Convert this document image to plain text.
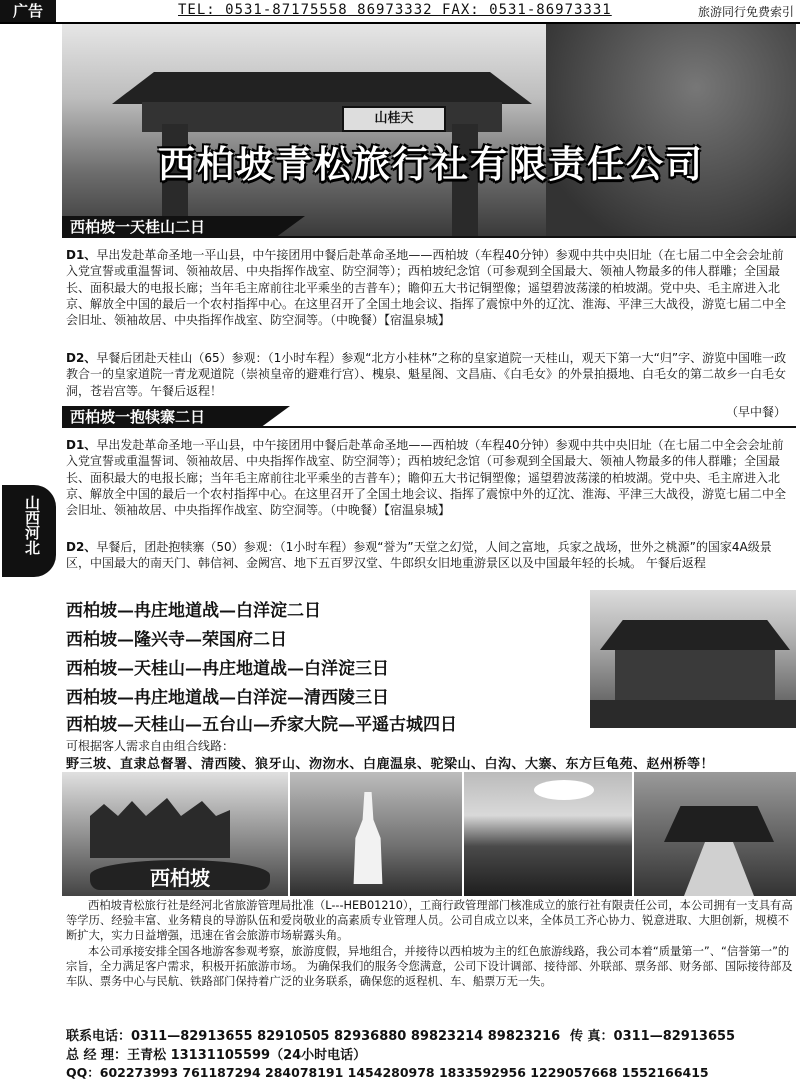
广告	TEL: 0531-87175558 86973332 FAX: 0531-86973331	旅游同行免费索引
山桂天
西柏坡青松旅行社有限责任公司
西柏坡一天桂山二日
D1、早出发赴革命圣地一平山县，中午接团用中餐后赴革命圣地——西柏坡（车程40分钟）参观中共中央旧址（在七届二中全会会址前入党宣誓或重温誓词、领袖故居、中央指挥作战室、防空洞等）；西柏坡纪念馆（可参观到全国最大、领袖人物最多的伟人群雕；全国最长、面积最大的电报长廊；当年毛主席前往北平乘坐的吉普车）；瞻仰五大书记铜塑像；遥望碧波荡漾的柏坡湖。党中央、毛主席进入北京、解放全中国的最后一个农村指挥中心。在这里召开了全国土地会议、指挥了震惊中外的辽沈、淮海、平津三大战役，游览七届二中全会旧址、领袖故居、中央指挥作战室、防空洞等。（中晚餐）【宿温泉城】
D2、早餐后团赴天桂山（65）参观：（1小时车程）参观“北方小桂林”之称的皇家道院一天桂山，观天下第一大“归”字、游览中国唯一政教合一的皇家道院一青龙观道院（崇祯皇帝的避难行宫）、槐泉、魁星阁、文昌庙、《白毛女》的外景拍摄地、白毛女的第二故乡一白毛女洞，苍岩宫等。午餐后返程！
（早中餐）
西柏坡一抱犊寨二日
D1、早出发赴革命圣地一平山县，中午接团用中餐后赴革命圣地——西柏坡（车程40分钟）参观中共中央旧址（在七届二中全会会址前入党宣誓或重温誓词、领袖故居、中央指挥作战室、防空洞等）；西柏坡纪念馆（可参观到全国最大、领袖人物最多的伟人群雕；全国最长、面积最大的电报长廊；当年毛主席前往北平乘坐的吉普车）；瞻仰五大书记铜塑像；遥望碧波荡漾的柏坡湖。党中央、毛主席进入北京、解放全中国的最后一个农村指挥中心。在这里召开了全国土地会议、指挥了震惊中外的辽沈、淮海、平津三大战役，游览七届二中全会旧址、领袖故居、中央指挥作战室、防空洞等。（中晚餐）【宿温泉城】
D2、早餐后，团赴抱犊寨（50）参观：（1小时车程）参观“誉为”天堂之幻觉，人间之富地，兵家之战场，世外之桃源”的国家4A级景区，中国最大的南天门、韩信祠、金阙宫、地下五百罗汉堂、牛郎织女旧地重游景区以及中国最年轻的长城。 午餐后返程
山西河北
西柏坡—冉庄地道战—白洋淀二日
西柏坡—隆兴寺—荣国府二日
西柏坡—天桂山—冉庄地道战—白洋淀三日
西柏坡—冉庄地道战—白洋淀—清西陵三日
西柏坡—天桂山—五台山—乔家大院—平遥古城四日
可根据客人需求自由组合线路：
野三坡、直隶总督署、清西陵、狼牙山、沕沕水、白鹿温泉、驼梁山、白沟、大寨、东方巨龟苑、赵州桥等！
西柏坡

西柏坡青松旅行社是经河北省旅游管理局批准（L---HEB01210），工商行政管理部门核准成立的旅行社有限责任公司，本公司拥有一支具有高等学历、经验丰富、业务精良的导游队伍和爱岗敬业的高素质专业管理人员。公司自成立以来，全体员工齐心协力、锐意进取、大胆创新，规模不断扩大，实力日益增强，迅速在省会旅游市场崭露头角。

本公司承接安排全国各地游客参观考察，旅游度假，异地组合，并接待以西柏坡为主的红色旅游线路，我公司本着“质量第一”、“信誉第一”的宗旨，全力满足客户需求，积极开拓旅游市场。 为确保我们的服务令您满意，公司下设计调部、接待部、外联部、票务部、财务部、国际接待部及车队、票务中心与民航、铁路部门保持着广泛的业务联系，确保您的返程机、车、船票万无一失。

联系电话：0311—82913655 82910505 82936880 89823214 89823216 传 真：0311—82913655
总 经 理：王青松 13131105599（24小时电话）
QQ：602273993 761187294 284078191 1454280978 1833592956 1229057668 1552166415
